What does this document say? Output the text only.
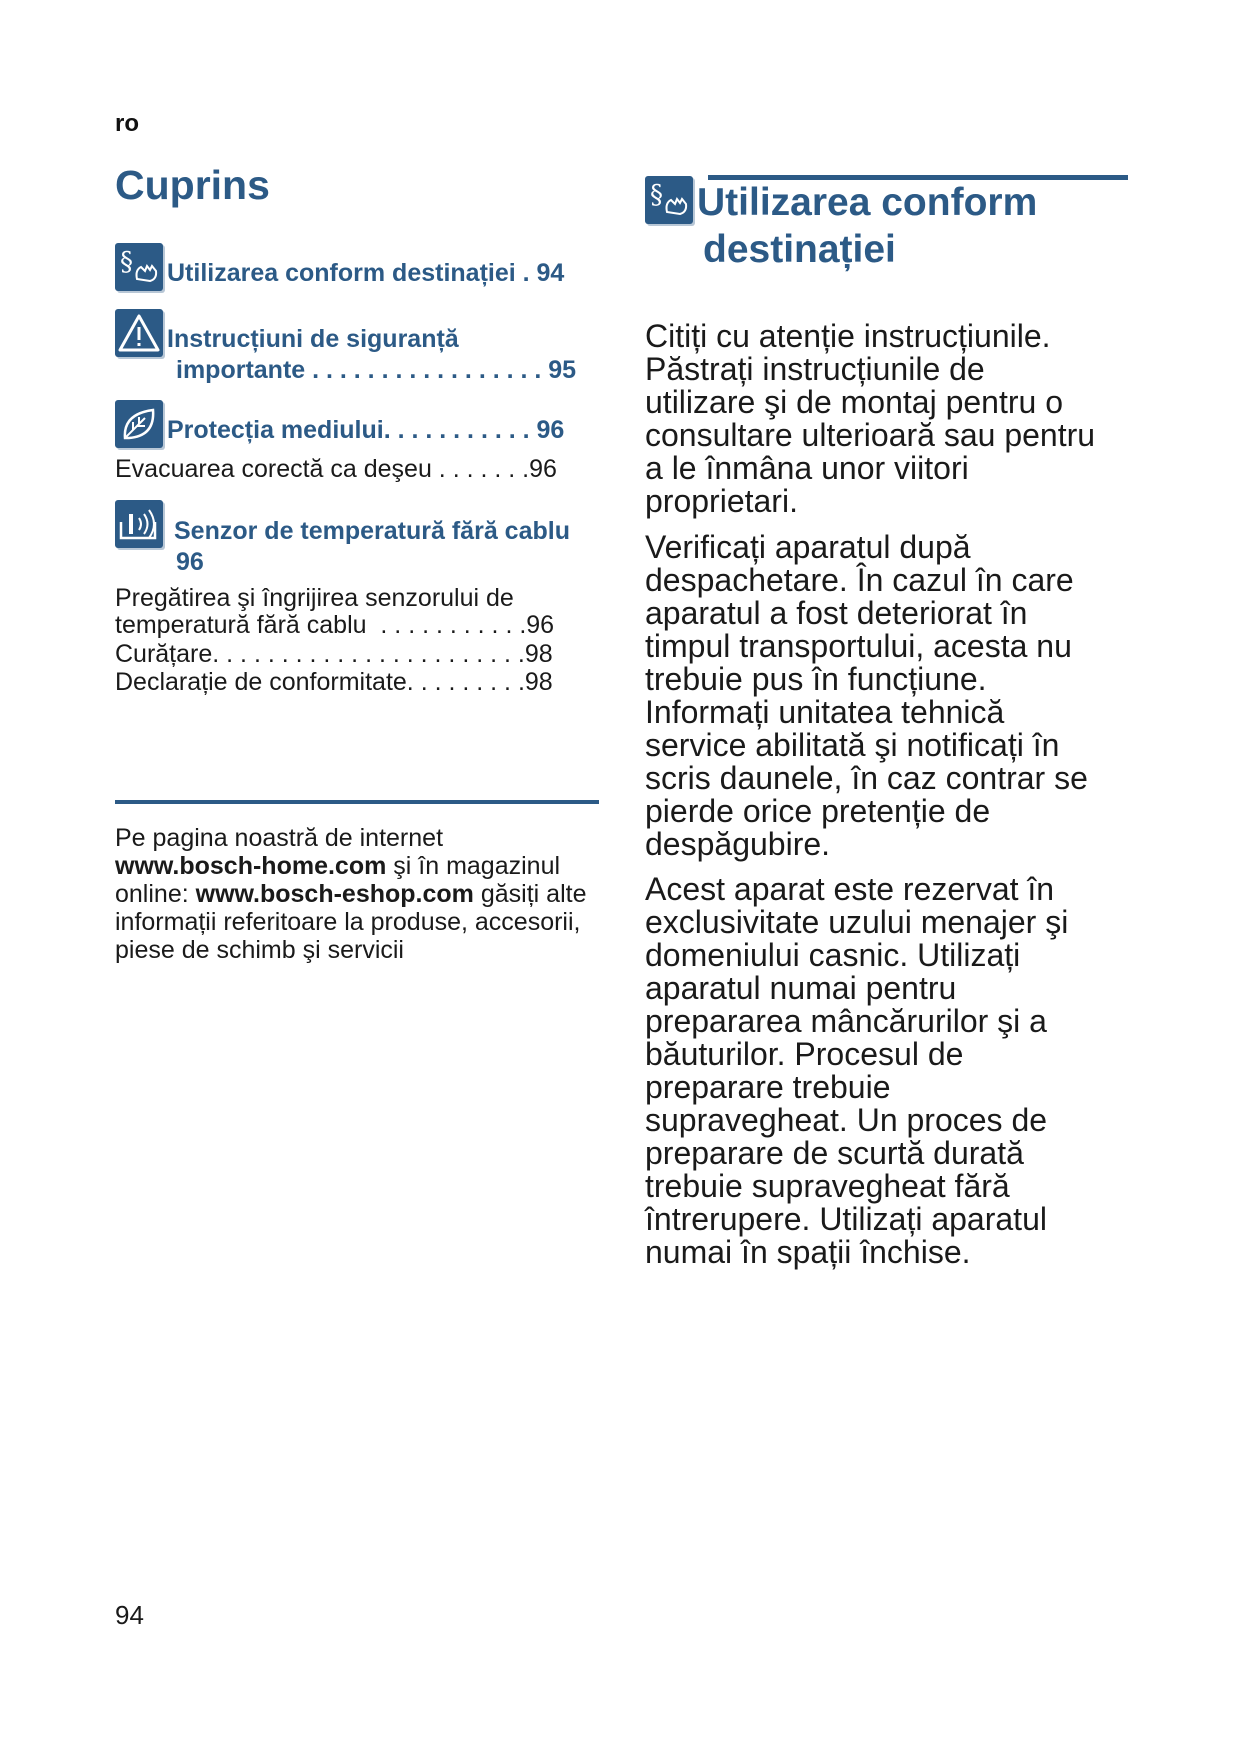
ro
Cuprins
§ Utilizarea conform destinației . 94
Instrucțiuni de siguranță
importante . . . . . . . . . . . . . . . . . 95
Protecția mediului. . . . . . . . . . . 96
Evacuarea corectă ca deşeu . . . . . . .96
Senzor de temperatură fără cablu
96
Pregătirea şi îngrijirea senzorului de
temperatură fără cablu  . . . . . . . . . . .96
Curățare. . . . . . . . . . . . . . . . . . . . . . .98
Declarație de conformitate. . . . . . . . .98
Pe pagina noastră de internet
www.bosch-home.com şi în magazinul online: www.bosch-eshop.com găsiți alte informații referitoare la produse, accesorii, piese de schimb şi servicii
§ Utilizarea conform
destinației
Citiți cu atenție instrucțiunile.
Păstrați instrucțiunile de
utilizare şi de montaj pentru o
consultare ulterioară sau pentru
a le înmâna unor viitori
proprietari.
Verificați aparatul după
despachetare. În cazul în care
aparatul a fost deteriorat în
timpul transportului, acesta nu
trebuie pus în funcțiune.
Informați unitatea tehnică
service abilitată şi notificați în
scris daunele, în caz contrar se
pierde orice pretenție de
despăgubire.
Acest aparat este rezervat în
exclusivitate uzului menajer şi
domeniului casnic. Utilizați
aparatul numai pentru
prepararea mâncărurilor şi a
băuturilor. Procesul de
preparare trebuie
supravegheat. Un proces de
preparare de scurtă durată
trebuie supravegheat fără
întrerupere. Utilizați aparatul
numai în spații închise.
94
